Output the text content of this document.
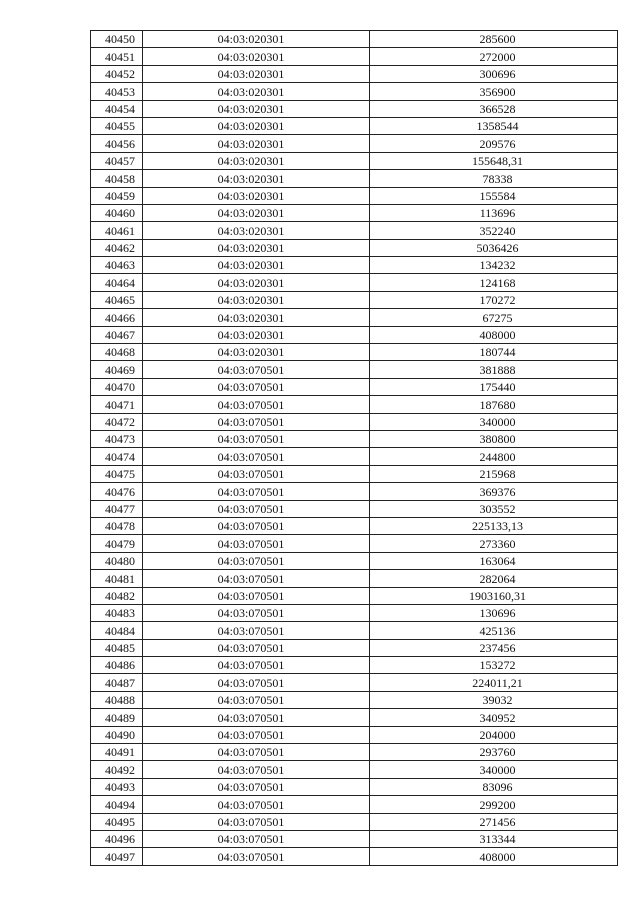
40450	04:03:020301	285600
40451	04:03:020301	272000
40452	04:03:020301	300696
40453	04:03:020301	356900
40454	04:03:020301	366528
40455	04:03:020301	1358544
40456	04:03:020301	209576
40457	04:03:020301	155648,31
40458	04:03:020301	78338
40459	04:03:020301	155584
40460	04:03:020301	113696
40461	04:03:020301	352240
40462	04:03:020301	5036426
40463	04:03:020301	134232
40464	04:03:020301	124168
40465	04:03:020301	170272
40466	04:03:020301	67275
40467	04:03:020301	408000
40468	04:03:020301	180744
40469	04:03:070501	381888
40470	04:03:070501	175440
40471	04:03:070501	187680
40472	04:03:070501	340000
40473	04:03:070501	380800
40474	04:03:070501	244800
40475	04:03:070501	215968
40476	04:03:070501	369376
40477	04:03:070501	303552
40478	04:03:070501	225133,13
40479	04:03:070501	273360
40480	04:03:070501	163064
40481	04:03:070501	282064
40482	04:03:070501	1903160,31
40483	04:03:070501	130696
40484	04:03:070501	425136
40485	04:03:070501	237456
40486	04:03:070501	153272
40487	04:03:070501	224011,21
40488	04:03:070501	39032
40489	04:03:070501	340952
40490	04:03:070501	204000
40491	04:03:070501	293760
40492	04:03:070501	340000
40493	04:03:070501	83096
40494	04:03:070501	299200
40495	04:03:070501	271456
40496	04:03:070501	313344
40497	04:03:070501	408000
